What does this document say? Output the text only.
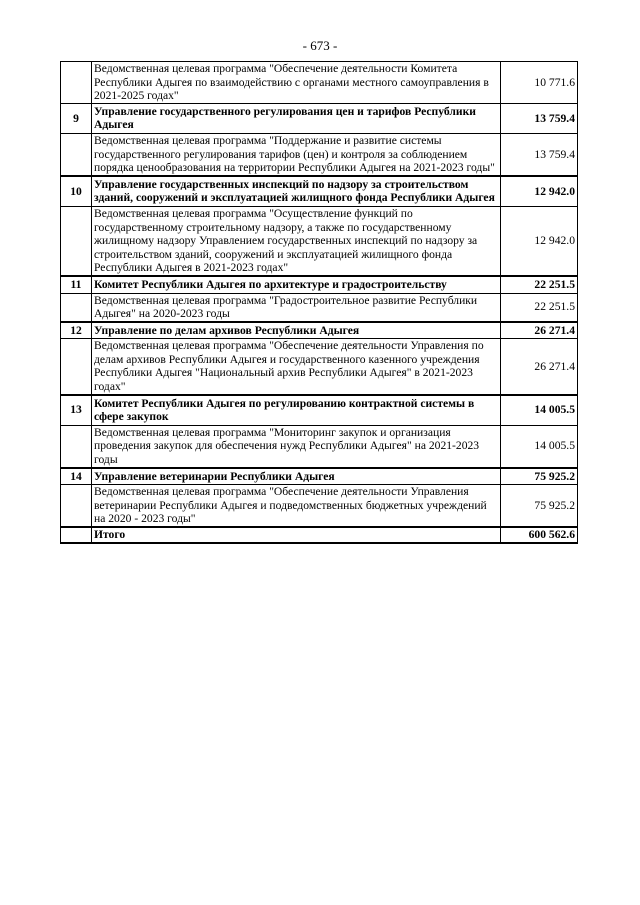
- 673 -
	Ведомственная целевая программа "Обеспечение деятельности Комитета Республики Адыгея по взаимодействию с органами местного самоуправления в 2021-2025 годах"	10 771.6
9	Управление государственного регулирования цен и тарифов Республики Адыгея	13 759.4
	Ведомственная целевая программа "Поддержание и развитие системы государственного регулирования тарифов (цен) и контроля за соблюдением порядка ценообразования на территории Республики Адыгея на 2021-2023 годы"	13 759.4
10	Управление государственных инспекций по надзору за строительством зданий, сооружений и эксплуатацией жилищного фонда Республики Адыгея	12 942.0
	Ведомственная целевая программа "Осуществление функций по государственному строительному надзору, а также по государственному жилищному надзору Управлением государственных инспекций по надзору за строительством зданий, сооружений и эксплуатацией жилищного фонда Республики Адыгея в 2021-2023 годах"	12 942.0
11	Комитет Республики Адыгея по архитектуре и градостроительству	22 251.5
	Ведомственная целевая программа "Градостроительное развитие Республики Адыгея" на 2020-2023 годы	22 251.5
12	Управление по делам архивов Республики Адыгея	26 271.4
	Ведомственная целевая программа "Обеспечение деятельности Управления по делам архивов Республики Адыгея и государственного казенного учреждения Республики Адыгея "Национальный архив Республики Адыгея" в 2021-2023 годах"	26 271.4
13	Комитет Республики Адыгея по регулированию контрактной системы в сфере закупок	14 005.5
	Ведомственная целевая программа "Мониторинг закупок и организация проведения закупок для обеспечения нужд Республики Адыгея" на 2021-2023 годы	14 005.5
14	Управление ветеринарии Республики Адыгея	75 925.2
	Ведомственная целевая программа "Обеспечение деятельности Управления ветеринарии Республики Адыгея и подведомственных бюджетных учреждений на 2020 - 2023 годы"	75 925.2
	Итого	600 562.6
